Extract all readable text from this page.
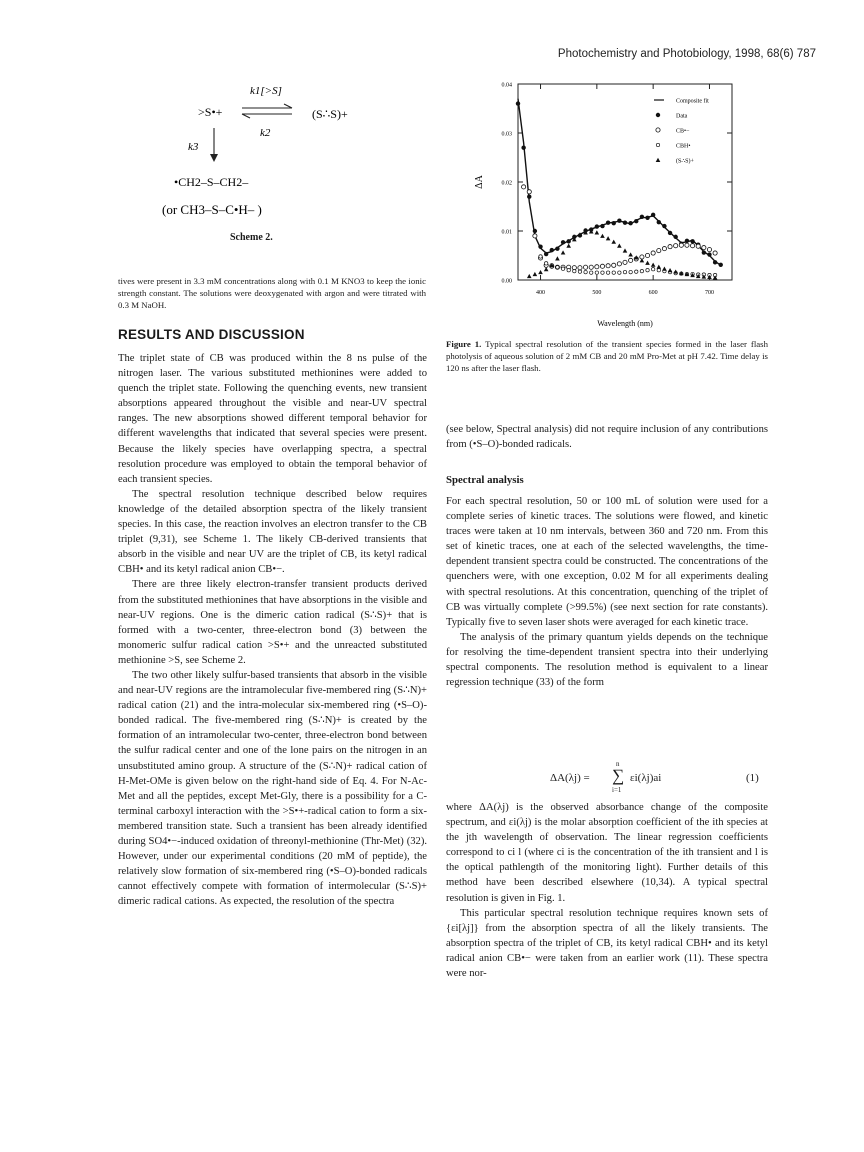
Photochemistry and Photobiology, 1998, 68(6) 787
>S•+
k1[>S]
k2
(S∴S)+
k3
•CH2–S–CH2–
(or CH3–S–C•H– )
Scheme 2.
tives were present in 3.3 mM concentrations along with 0.1 M KNO3 to keep the ionic strength constant. The solutions were deoxygenated with argon and were titrated with 0.3 M NaOH.
RESULTS AND DISCUSSION

The triplet state of CB was produced within the 8 ns pulse of the nitrogen laser. The various substituted methionines were added to quench the triplet state. Following the quenching events, new transient absorptions appeared throughout the visible and near-UV spectral ranges. The new absorptions showed different temporal behavior for different wavelengths that indicated that several species were present. Because the likely species have overlapping spectra, a spectral resolution procedure was employed to obtain the temporal behavior of each transient species.

The spectral resolution technique described below requires knowledge of the detailed absorption spectra of the likely transient species. In this case, the reaction involves an electron transfer to the CB triplet (9,31), see Scheme 1. The likely CB-derived transients that absorb in the visible and near UV are the triplet of CB, its ketyl radical CBH• and its ketyl radical anion CB•−.

There are three likely electron-transfer transient products derived from the substituted methionines that have absorptions in the visible and near-UV regions. One is the dimeric cation radical (S∴S)+ that is formed with a two-center, three-electron bond (3) between the monomeric sulfur radical cation >S•+ and the unreacted substituted methionine >S, see Scheme 2.

The two other likely sulfur-based transients that absorb in the visible and near-UV regions are the intramolecular five-membered ring (S∴N)+ radical cation (21) and the intra-molecular six-membered ring (•S–O)-bonded radical. The five-membered ring (S∴N)+ is created by the formation of an intramolecular two-center, three-electron bond between the sulfur radical center and one of the lone pairs on the nitrogen in an unsubstituted amino group. A structure of the (S∴N)+ radical cation of H-Met-OMe is given below on the right-hand side of Eq. 4. For N-Ac-Met and all the peptides, except Met-Gly, there is a possibility for a C-terminal carboxyl interaction with the >S•+-radical cation to form a six-membered transition state. Such a transient has been already identified during SO4•−-induced oxidation of threonyl-methionine (Thr-Met) (32). However, under our experimental conditions (20 mM of peptide), the relatively slow formation of six-membered ring (•S–O)-bonded radicals cannot effectively compete with formation of intermolecular (S∴S)+ dimeric radical cations. As expected, the resolution of the spectra

0.00
0.01
0.02
0.03
0.04
400	500	600	700
Wavelength (nm)
ΔA
Composite fit
Data
CB•−
CBH•
(S∴S)+
Figure 1. Typical spectral resolution of the transient species formed in the laser flash photolysis of aqueous solution of 2 mM CB and 20 mM Pro-Met at pH 7.42. Time delay is 120 ns after the laser flash.
(see below, Spectral analysis) did not require inclusion of any contributions from (•S–O)-bonded radicals.
Spectral analysis

For each spectral resolution, 50 or 100 mL of solution were used for a complete series of kinetic traces. The solutions were flowed, and kinetic traces were taken at 10 nm intervals, between 360 and 720 nm. From this set of kinetic traces, one at each of the selected wavelengths, the time-dependent transient spectra could be constructed. The concentrations of the quenchers were, with one exception, 0.02 M for all experiments dealing with spectral resolutions. At this concentration, quenching of the triplet of CB was virtually complete (>99.5%) (see next section for rate constants). Typically five to seven laser shots were averaged for each kinetic trace.

The analysis of the primary quantum yields depends on the technique for resolving the time-dependent transient spectra into their underlying spectral components. The resolution method is equivalent to a linear regression technique (33) of the form

ΔA(λj) =
n
∑
i=1
εi(λj)ai	(1)

where ΔA(λj) is the observed absorbance change of the composite spectrum, and εi(λj) is the molar absorption coefficient of the ith species at the jth wavelength of observation. The linear regression coefficients correspond to ci l (where ci is the concentration of the ith transient and l is the optical pathlength of the monitoring light). Further details of this method have been described elsewhere (10,34). A typical spectral resolution is given in Fig. 1.

This particular spectral resolution technique requires known sets of {εi[λj]} from the absorption spectra of all the likely transients. The absorption spectra of the triplet of CB, its ketyl radical CBH• and its ketyl radical anion CB•− were taken from an earlier work (11). These spectra were nor-
